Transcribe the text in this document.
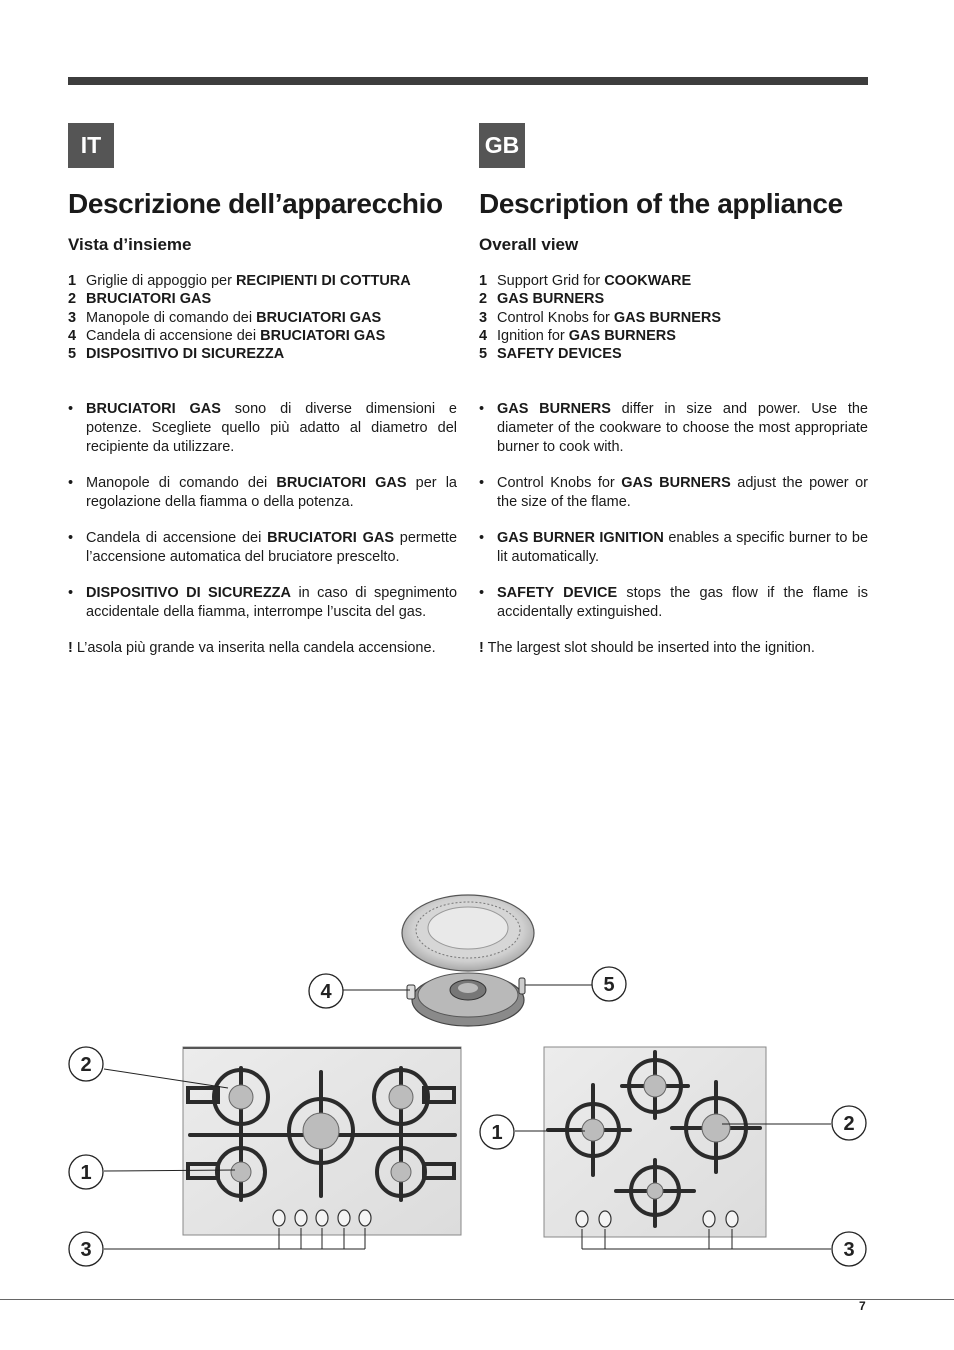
IT	GB
Descrizione dell’apparecchio
Vista d’insieme
1 Griglie di appoggio per RECIPIENTI DI COTTURA
2 BRUCIATORI GAS
3 Manopole di comando dei BRUCIATORI GAS
4 Candela di accensione dei BRUCIATORI GAS
5 DISPOSITIVO DI SICUREZZA
• BRUCIATORI GAS sono di diverse dimensioni e potenze. Scegliete quello più adatto al diametro del recipiente da utilizzare.
• Manopole di comando dei BRUCIATORI GAS per la regolazione della fiamma o della potenza.
• Candela di accensione dei BRUCIATORI GAS permette l’accensione automatica del bruciatore prescelto.
• DISPOSITIVO DI SICUREZZA in caso di spegnimento accidentale della fiamma, interrompe l’uscita del gas.

! L’asola più grande va inserita nella candela accensione.

Description of the appliance
Overall view
1 Support Grid for COOKWARE
2 GAS BURNERS
3 Control Knobs for GAS BURNERS
4 Ignition for GAS BURNERS
5 SAFETY DEVICES
• GAS BURNERS differ in size and power. Use the diameter of the cookware to choose the most appropriate burner to cook with.
• Control Knobs for GAS BURNERS adjust the power or the size of the flame.
• GAS BURNER IGNITION enables a specific burner to be lit automatically.
• SAFETY DEVICE stops the gas flow if the flame is accidentally extinguished.

! The largest slot should be inserted into the ignition.

4	5
2
1
3
1	2
3
7
